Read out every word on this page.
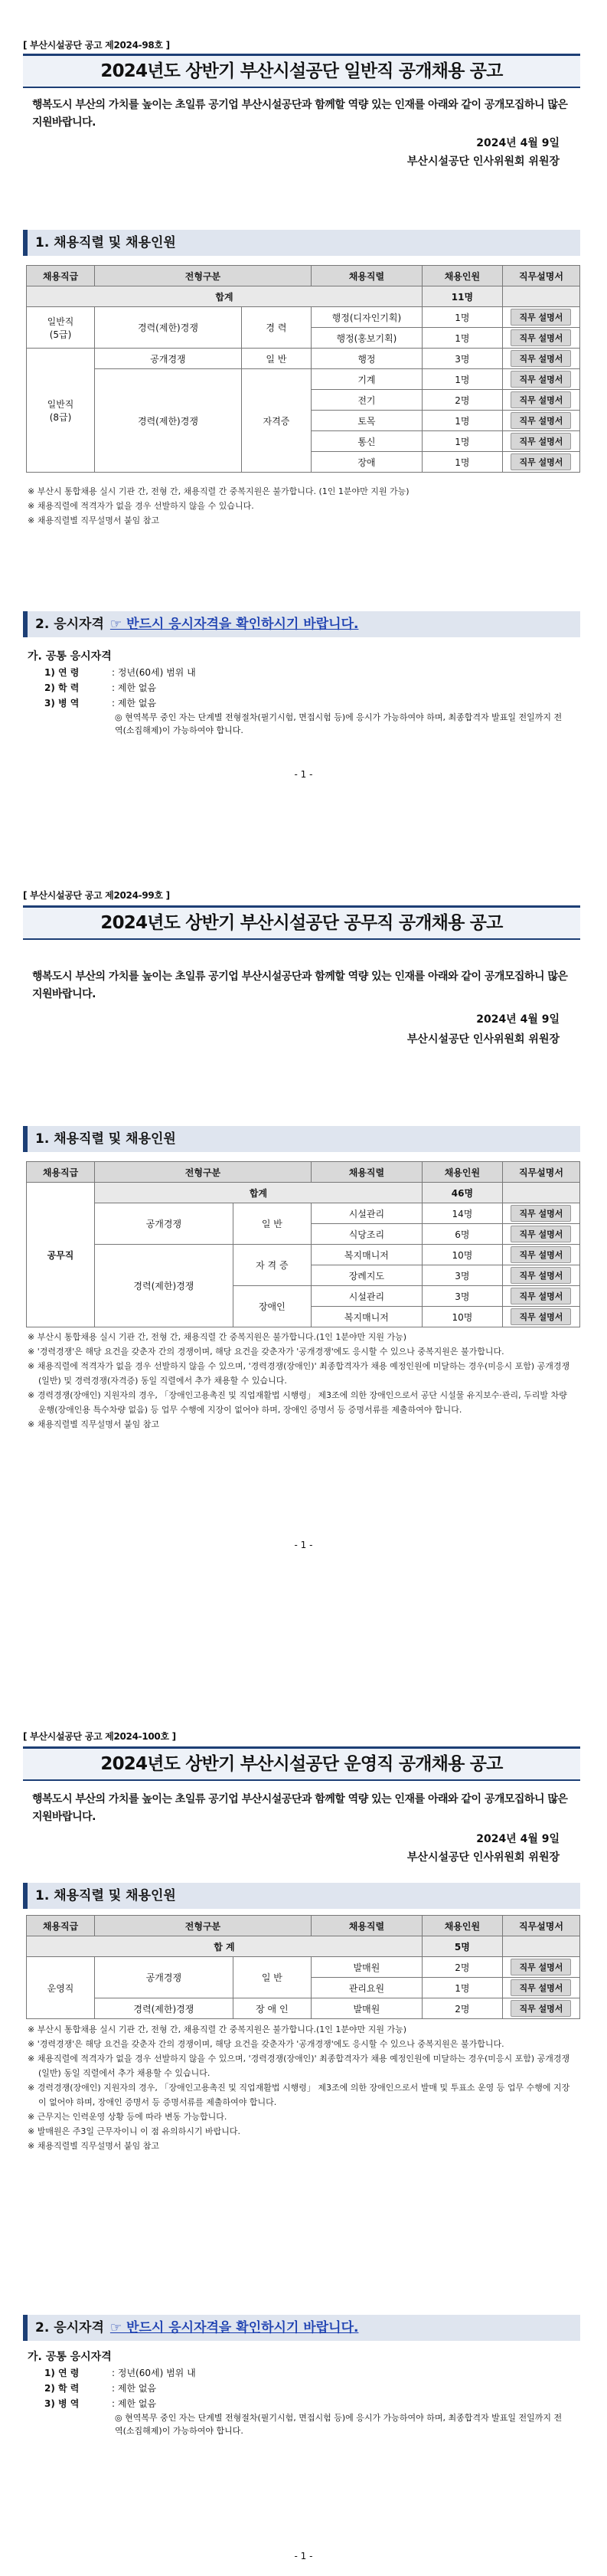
[ 부산시설공단 공고 제2024-98호 ]
2024년도 상반기 부산시설공단 일반직 공개채용 공고
행복도시 부산의 가치를 높이는 초일류 공기업 부산시설공단과 함께할 역량 있는 인재를 아래와 같이 공개모집하니 많은 지원바랍니다.
2024년 4월 9일
부산시설공단 인사위원회 위원장
1. 채용직렬 및 채용인원
채용직급	전형구분		채용직렬	채용인원	직무설명서
합계				11명	
일반직
(5급)	경력(제한)경쟁	경 력	행정(디자인기획)	1명	직무 설명서
			행정(홍보기획)	1명	직무 설명서
일반직
(8급)	공개경쟁	일 반	행정	3명	직무 설명서
	경력(제한)경쟁	자격증	기계	1명	직무 설명서
			전기	2명	직무 설명서
			토목	1명	직무 설명서
			통신	1명	직무 설명서
			장애	1명	직무 설명서
※ 부산시 통합채용 실시 기관 간, 전형 간, 채용직렬 간 중복지원은 불가합니다. (1인 1분야만 지원 가능)
※ 채용직렬에 적격자가 없을 경우 선발하지 않을 수 있습니다.
※ 채용직렬별 직무설명서 붙임 참고
2. 응시자격 ☞ 반드시 응시자격을 확인하시기 바랍니다.
가. 공통 응시자격
1) 연 령	: 정년(60세) 범위 내
2) 학 력	: 제한 없음
3) 병 역	: 제한 없음
◎ 현역복무 중인 자는 단계별 전형절차(필기시험, 면접시험 등)에 응시가 가능하여야 하며, 최종합격자 발표일 전일까지 전역(소집해제)이 가능하여야 합니다.
- 1 -
[ 부산시설공단 공고 제2024-99호 ]
2024년도 상반기 부산시설공단 공무직 공개채용 공고
행복도시 부산의 가치를 높이는 초일류 공기업 부산시설공단과 함께할 역량 있는 인재를 아래와 같이 공개모집하니 많은 지원바랍니다.
2024년 4월 9일
부산시설공단 인사위원회 위원장
1. 채용직렬 및 채용인원
채용직급	전형구분		채용직렬	채용인원	직무설명서
공무직	합계			46명	
	공개경쟁	일 반	시설관리	14명	직무 설명서
			식당조리	6명	직무 설명서
	경력(제한)경쟁	자 격 증	복지매니저	10명	직무 설명서
			장례지도	3명	직무 설명서
		장애인	시설관리	3명	직무 설명서
			복지매니저	10명	직무 설명서
※ 부산시 통합채용 실시 기관 간, 전형 간, 채용직렬 간 중복지원은 불가합니다.(1인 1분야만 지원 가능)
※ '경력경쟁'은 해당 요건을 갖춘자 간의 경쟁이며, 해당 요건을 갖춘자가 '공개경쟁'에도 응시할 수 있으나 중복지원은 불가합니다.
※ 채용직렬에 적격자가 없을 경우 선발하지 않을 수 있으며, '경력경쟁(장애인)' 최종합격자가 채용 예정인원에 미달하는 경우(미응시 포함) 공개경쟁(일반) 및 경력경쟁(자격증) 동일 직렬에서 추가 채용할 수 있습니다.
※ 경력경쟁(장애인) 지원자의 경우, 「장애인고용촉진 및 직업재활법 시행령」 제3조에 의한 장애인으로서 공단 시설물 유지보수·관리, 두리발 차량 운행(장애인용 특수차량 없음) 등 업무 수행에 지장이 없어야 하며, 장애인 증명서 등 증명서류를 제출하여야 합니다.
※ 채용직렬별 직무설명서 붙임 참고
- 1 -
[ 부산시설공단 공고 제2024-100호 ]
2024년도 상반기 부산시설공단 운영직 공개채용 공고
행복도시 부산의 가치를 높이는 초일류 공기업 부산시설공단과 함께할 역량 있는 인재를 아래와 같이 공개모집하니 많은 지원바랍니다.
2024년 4월 9일
부산시설공단 인사위원회 위원장
1. 채용직렬 및 채용인원
채용직급	전형구분		채용직렬	채용인원	직무설명서
합 계				5명	
운영직	공개경쟁	일 반	발매원	2명	직무 설명서
			관리요원	1명	직무 설명서
	경력(제한)경쟁	장 애 인	발매원	2명	직무 설명서
※ 부산시 통합채용 실시 기관 간, 전형 간, 채용직렬 간 중복지원은 불가합니다.(1인 1분야만 지원 가능)
※ '경력경쟁'은 해당 요건을 갖춘자 간의 경쟁이며, 해당 요건을 갖춘자가 '공개경쟁'에도 응시할 수 있으나 중복지원은 불가합니다.
※ 채용직렬에 적격자가 없을 경우 선발하지 않을 수 있으며, '경력경쟁(장애인)' 최종합격자가 채용 예정인원에 미달하는 경우(미응시 포함) 공개경쟁(일반) 동일 직렬에서 추가 채용할 수 있습니다.
※ 경력경쟁(장애인) 지원자의 경우, 「장애인고용촉진 및 직업재활법 시행령」 제3조에 의한 장애인으로서 발매 및 투표소 운영 등 업무 수행에 지장이 없어야 하며, 장애인 증명서 등 증명서류를 제출하여야 합니다.
※ 근무지는 인력운영 상황 등에 따라 변동 가능합니다.
※ 발매원은 주3일 근무자이니 이 점 유의하시기 바랍니다.
※ 채용직렬별 직무설명서 붙임 참고
2. 응시자격 ☞ 반드시 응시자격을 확인하시기 바랍니다.
가. 공통 응시자격
1) 연 령	: 정년(60세) 범위 내
2) 학 력	: 제한 없음
3) 병 역	: 제한 없음
◎ 현역복무 중인 자는 단계별 전형절차(필기시험, 면접시험 등)에 응시가 가능하여야 하며, 최종합격자 발표일 전일까지 전역(소집해제)이 가능하여야 합니다.
- 1 -
